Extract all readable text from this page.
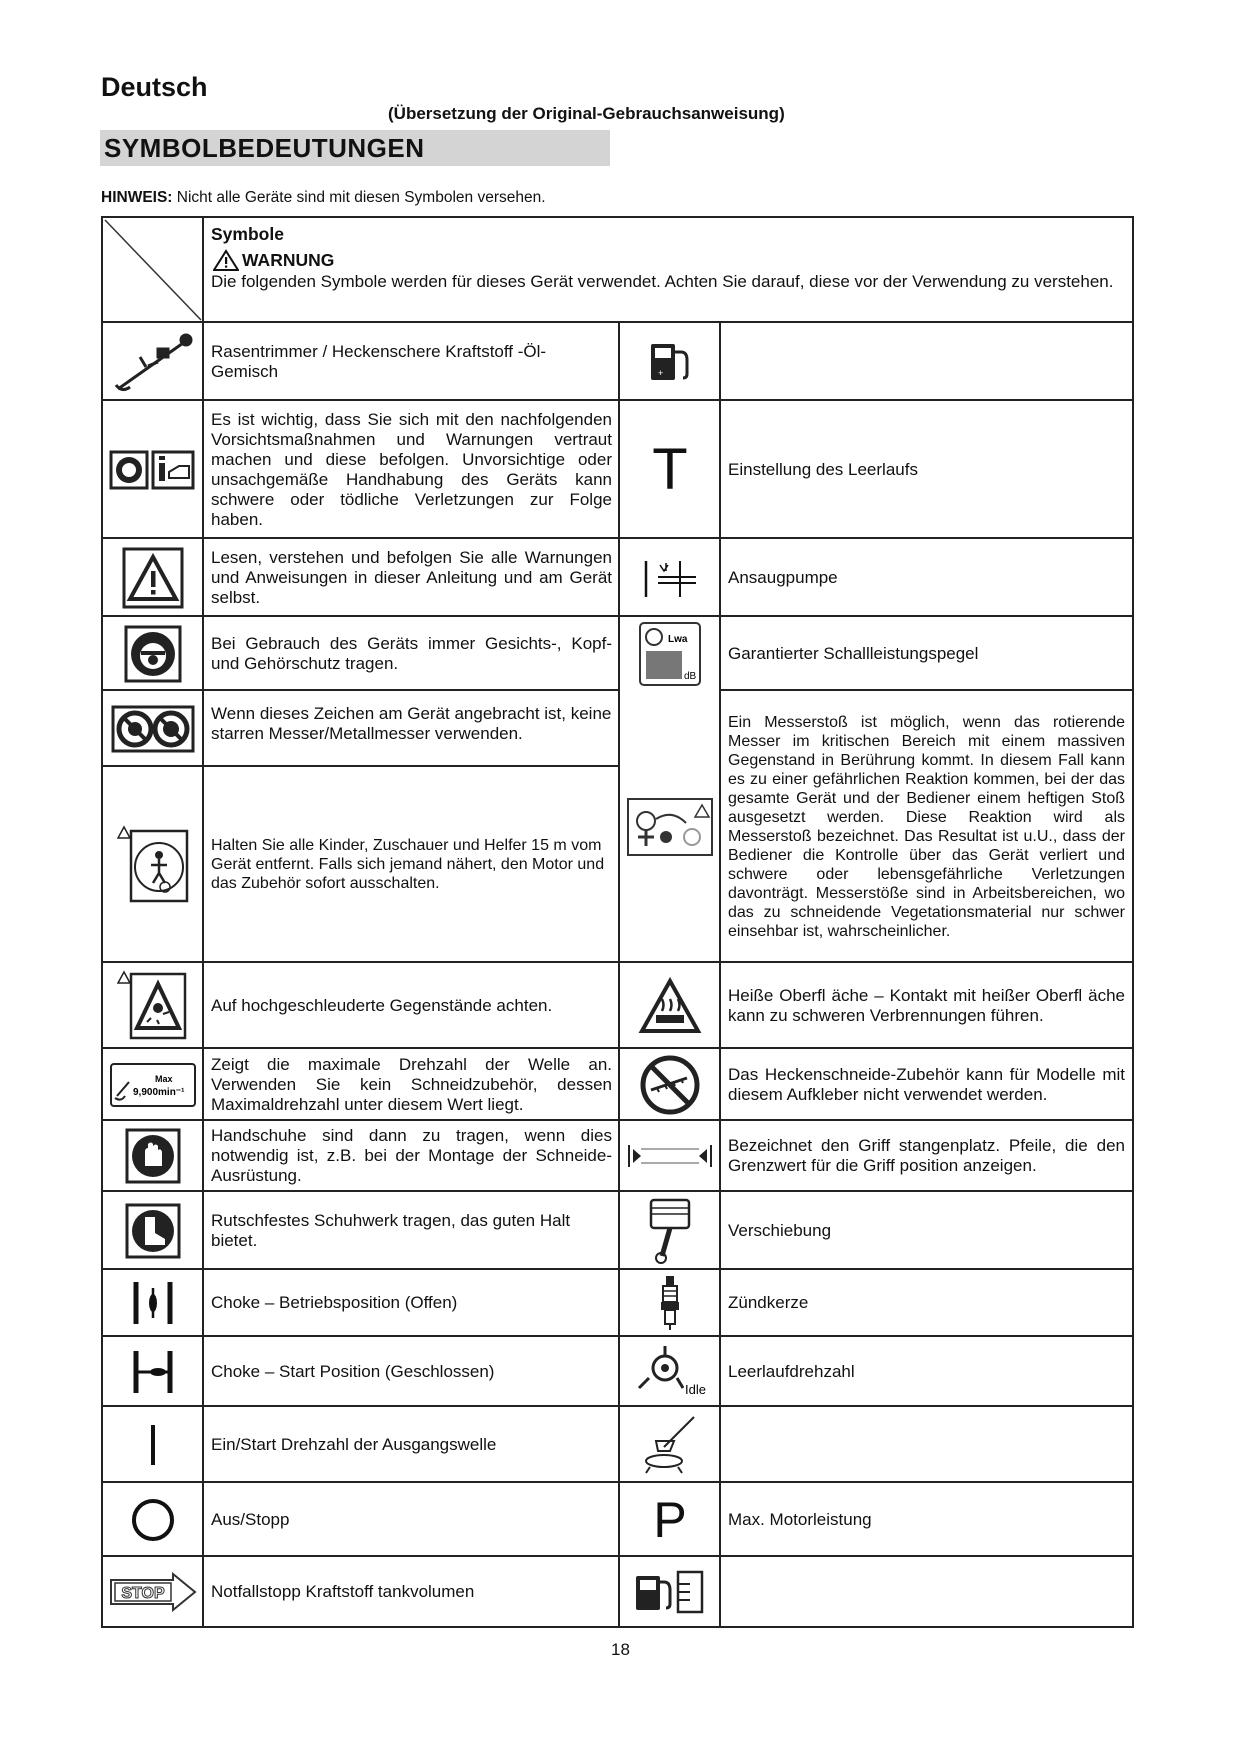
Deutsch
(Übersetzung der Original-Gebrauchsanweisung)
SYMBOLBEDEUTUNGEN
HINWEIS: Nicht alle Geräte sind mit diesen Symbolen versehen.
Symbole
WARNUNG
Die folgenden Symbole werden für dieses Gerät verwendet. Achten Sie darauf, diese vor der Verwendung zu verstehen.
Max
9,900min⁻¹
STOP
Rasentrimmer / Heckenschere Kraftstoff -Öl-Gemisch
Es ist wichtig, dass Sie sich mit den nachfolgenden Vorsichtsmaßnahmen und Warnungen vertraut machen und diese befolgen. Unvorsichtige oder unsachgemäße Handhabung des Geräts kann schwere oder tödliche Verletzungen zur Folge haben.
Lesen, verstehen und befolgen Sie alle Warnungen und Anweisungen in dieser Anleitung und am Gerät selbst.
Bei Gebrauch des Geräts immer Gesichts-, Kopf- und Gehörschutz tragen.
Wenn dieses Zeichen am Gerät angebracht ist, keine starren Messer/Metallmesser verwenden.
Halten Sie alle Kinder, Zuschauer und Helfer 15 m vom Gerät entfernt. Falls sich jemand nähert, den Motor und das Zubehör sofort ausschalten.
Auf hochgeschleuderte Gegenstände achten.
Zeigt die maximale Drehzahl der Welle an. Verwenden Sie kein Schneidzubehör, dessen Maximaldrehzahl unter diesem Wert liegt.
Handschuhe sind dann zu tragen, wenn dies notwendig ist, z.B. bei der Montage der Schneide-Ausrüstung.
Rutschfestes Schuhwerk tragen, das guten Halt bietet.
Choke – Betriebsposition (Offen)
Choke – Start Position (Geschlossen)
Ein/Start Drehzahl der Ausgangswelle
Aus/Stopp
Notfallstopp Kraftstoff tankvolumen
+
T
Lwa
dB
Idle
P
Einstellung des Leerlaufs
Ansaugpumpe
Garantierter Schallleistungspegel
Ein Messerstoß ist möglich, wenn das rotierende Messer im kritischen Bereich mit einem massiven Gegenstand in Berührung kommt. In diesem Fall kann es zu einer gefährlichen Reaktion kommen, bei der das gesamte Gerät und der Bediener einem heftigen Stoß ausgesetzt werden. Diese Reaktion wird als Messerstoß bezeichnet. Das Resultat ist u.U., dass der Bediener die Kontrolle über das Gerät verliert und schwere oder lebensgefährliche Verletzungen davonträgt. Messerstöße sind in Arbeitsbereichen, wo das zu schneidende Vegetationsmaterial nur schwer einsehbar ist, wahrscheinlicher.
Heiße Oberfl äche – Kontakt mit heißer Oberfl äche kann zu schweren Verbrennungen führen.
Das Heckenschneide-Zubehör kann für Modelle mit diesem Aufkleber nicht verwendet werden.
Bezeichnet den Griff stangenplatz. Pfeile, die den Grenzwert für die Griff position anzeigen.
Verschiebung
Zündkerze
Leerlaufdrehzahl
Max. Motorleistung
18
